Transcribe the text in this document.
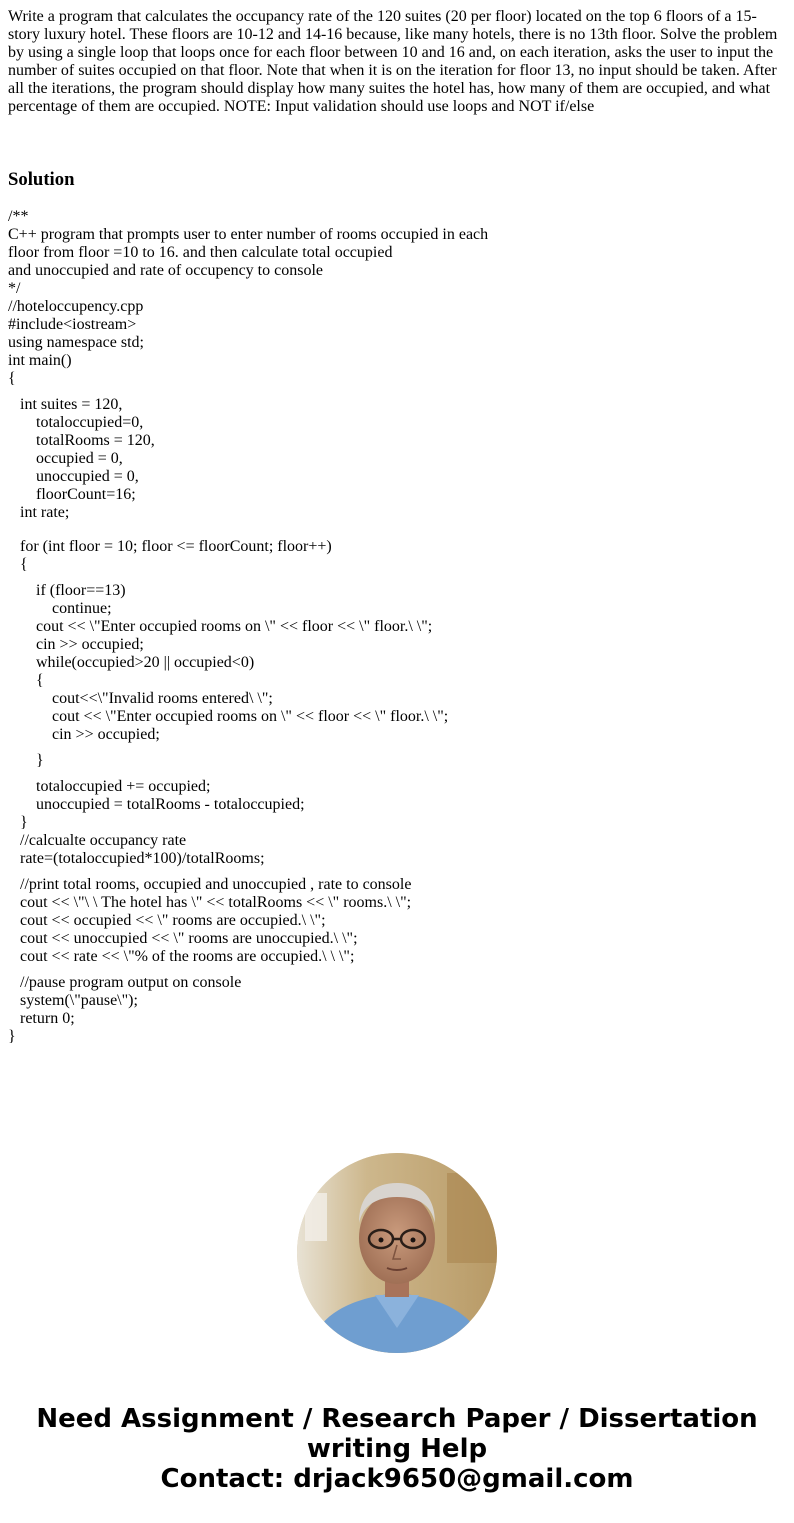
Write a program that calculates the occupancy rate of the 120 suites (20 per floor) located on the top 6 floors of a 15-story luxury hotel. These floors are 10-12 and 14-16 because, like many hotels, there is no 13th floor. Solve the problem by using a single loop that loops once for each floor between 10 and 16 and, on each iteration, asks the user to input the number of suites occupied on that floor. Note that when it is on the iteration for floor 13, no input should be taken. After all the iterations, the program should display how many suites the hotel has, how many of them are occupied, and what percentage of them are occupied. NOTE: Input validation should use loops and NOT if/else

Solution
/**
C++ program that prompts user to enter number of rooms occupied in each
floor from floor =10 to 16. and then calculate total occupied
and unoccupied and rate of occupency to console
*/
//hoteloccupency.cpp
#include<iostream>
using namespace std;
int main()
{
int suites = 120,
totaloccupied=0,
totalRooms = 120,
occupied = 0,
unoccupied = 0,
floorCount=16;
int rate;
for (int floor = 10; floor <= floorCount; floor++)
{
if (floor==13)
continue;
cout << \"Enter occupied rooms on \" << floor << \" floor.\ \";
cin >> occupied;
while(occupied>20 || occupied<0)
{
cout<<\"Invalid rooms entered\ \";
cout << \"Enter occupied rooms on \" << floor << \" floor.\ \";
cin >> occupied;
}
totaloccupied += occupied;
unoccupied = totalRooms - totaloccupied;
}
//calcualte occupancy rate
rate=(totaloccupied*100)/totalRooms;
//print total rooms, occupied and unoccupied , rate to console
cout << \"\ \ The hotel has \" << totalRooms << \" rooms.\ \";
cout << occupied << \" rooms are occupied.\ \";
cout << unoccupied << \" rooms are unoccupied.\ \";
cout << rate << \"% of the rooms are occupied.\ \ \";
//pause program output on console
system(\"pause\");
return 0;
}

Need Assignment / Research Paper / Dissertation
writing Help
Contact: drjack9650@gmail.com
